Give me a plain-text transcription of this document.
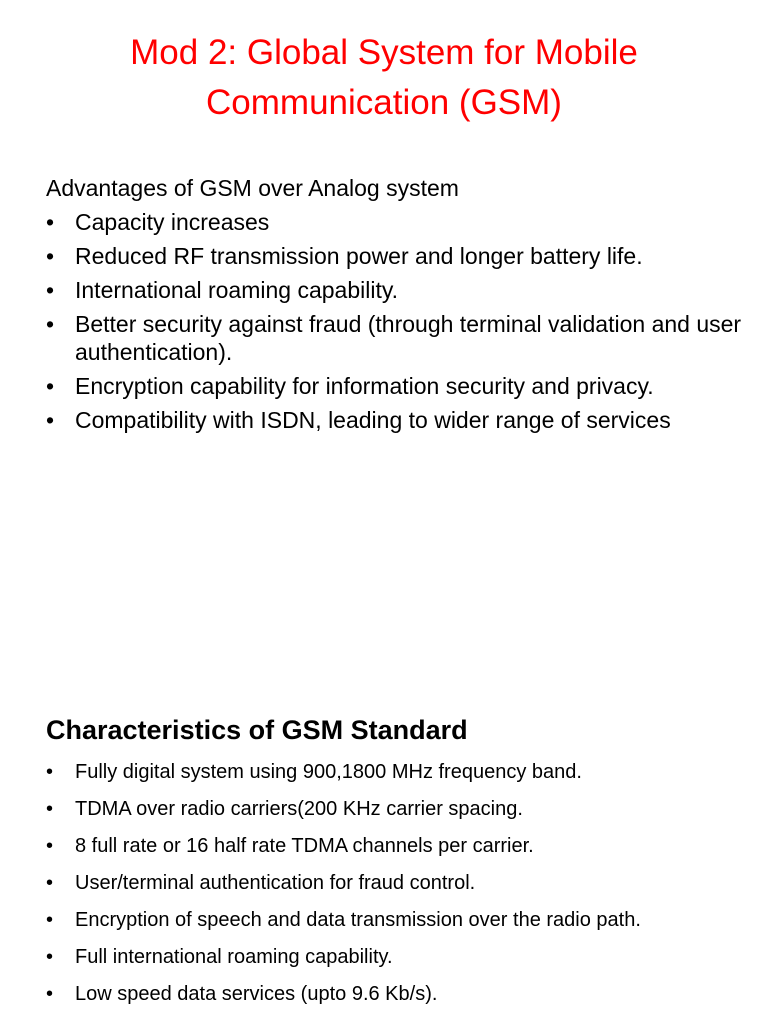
Mod 2: Global System for Mobile Communication (GSM)

Advantages of GSM over Analog system

• Capacity increases
• Reduced RF transmission power and longer battery life.
• International roaming capability.
• Better security against fraud (through terminal validation and user authentication).
• Encryption capability for information security and privacy.
• Compatibility with ISDN, leading to wider range of services
Characteristics of GSM Standard
• Fully digital system using 900,1800 MHz frequency band.
• TDMA over radio carriers(200 KHz carrier spacing.
• 8 full rate or 16 half rate TDMA channels per carrier.
• User/terminal authentication for fraud control.
• Encryption of speech and data transmission over the radio path.
• Full international roaming capability.
• Low speed data services (upto 9.6 Kb/s).
